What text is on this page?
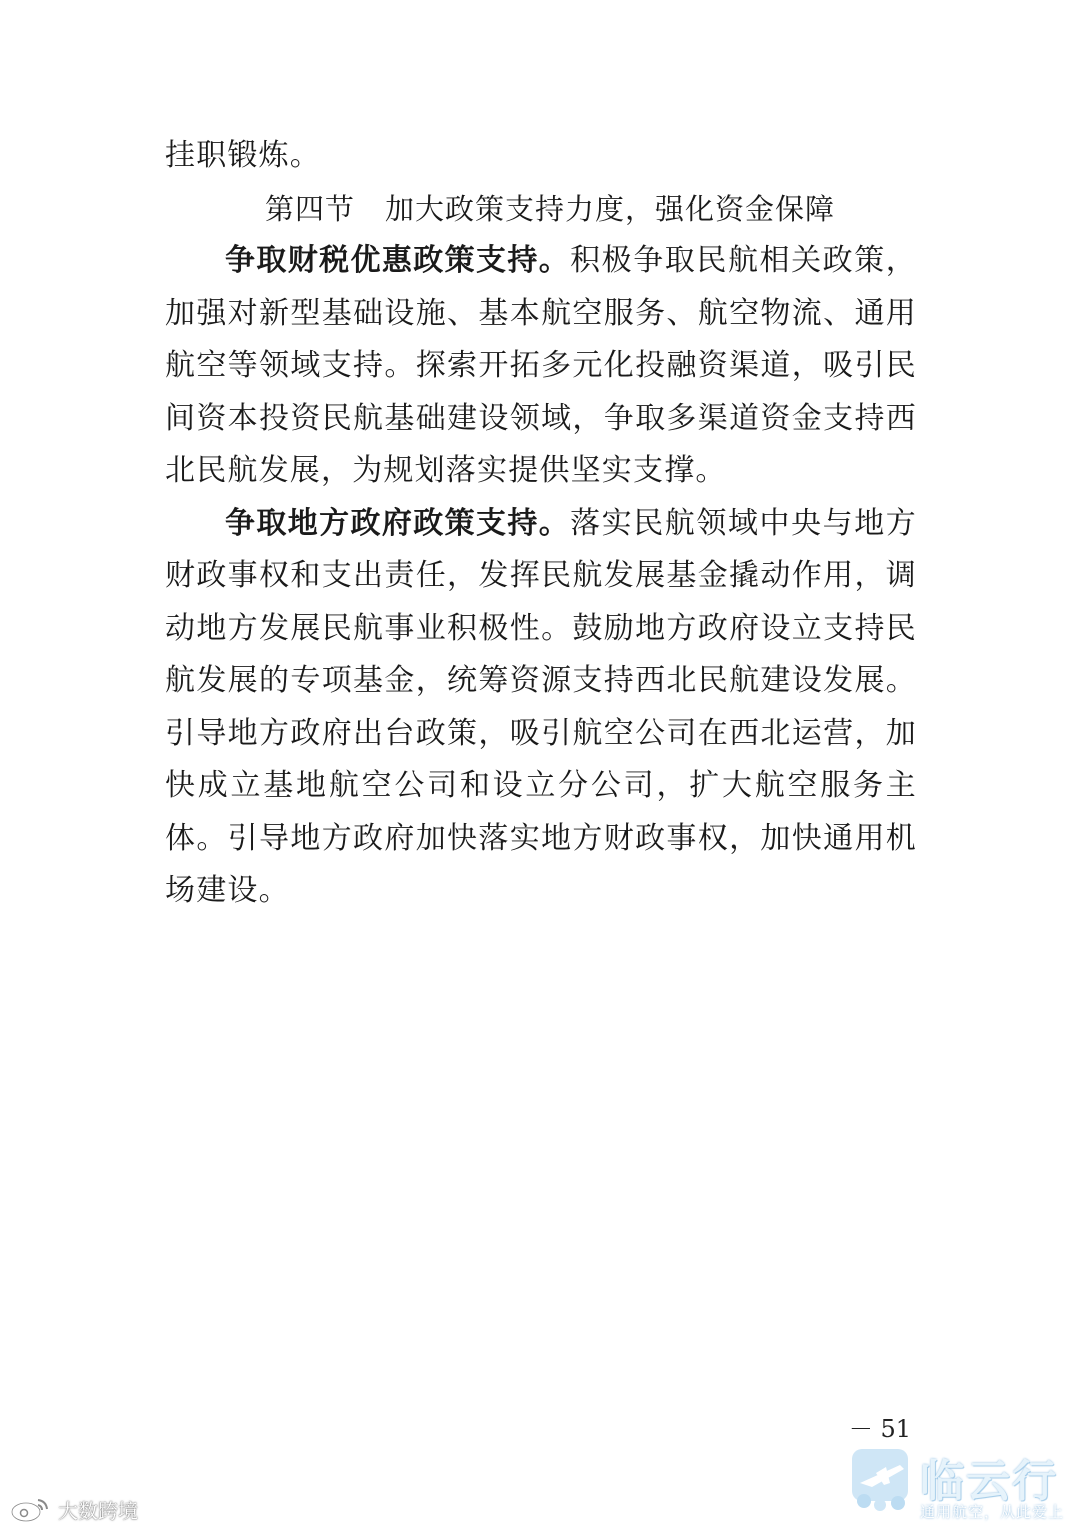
挂职锻炼。

第四节 加大政策支持力度，强化资金保障

争取财税优惠政策支持。积极争取民航相关政策，加强对新型基础设施、基本航空服务、航空物流、通用航空等领域支持。探索开拓多元化投融资渠道，吸引民间资本投资民航基础建设领域，争取多渠道资金支持西北民航发展，为规划落实提供坚实支撑。

争取地方政府政策支持。落实民航领域中央与地方财政事权和支出责任，发挥民航发展基金撬动作用，调动地方发展民航事业积极性。鼓励地方政府设立支持民航发展的专项基金，统筹资源支持西北民航建设发展。引导地方政府出台政策，吸引航空公司在西北运营，加快成立基地航空公司和设立分公司，扩大航空服务主体。引导地方政府加快落实地方财政事权，加快通用机场建设。

－ 51
大数跨境
临云行
通用航空，从此爱上
